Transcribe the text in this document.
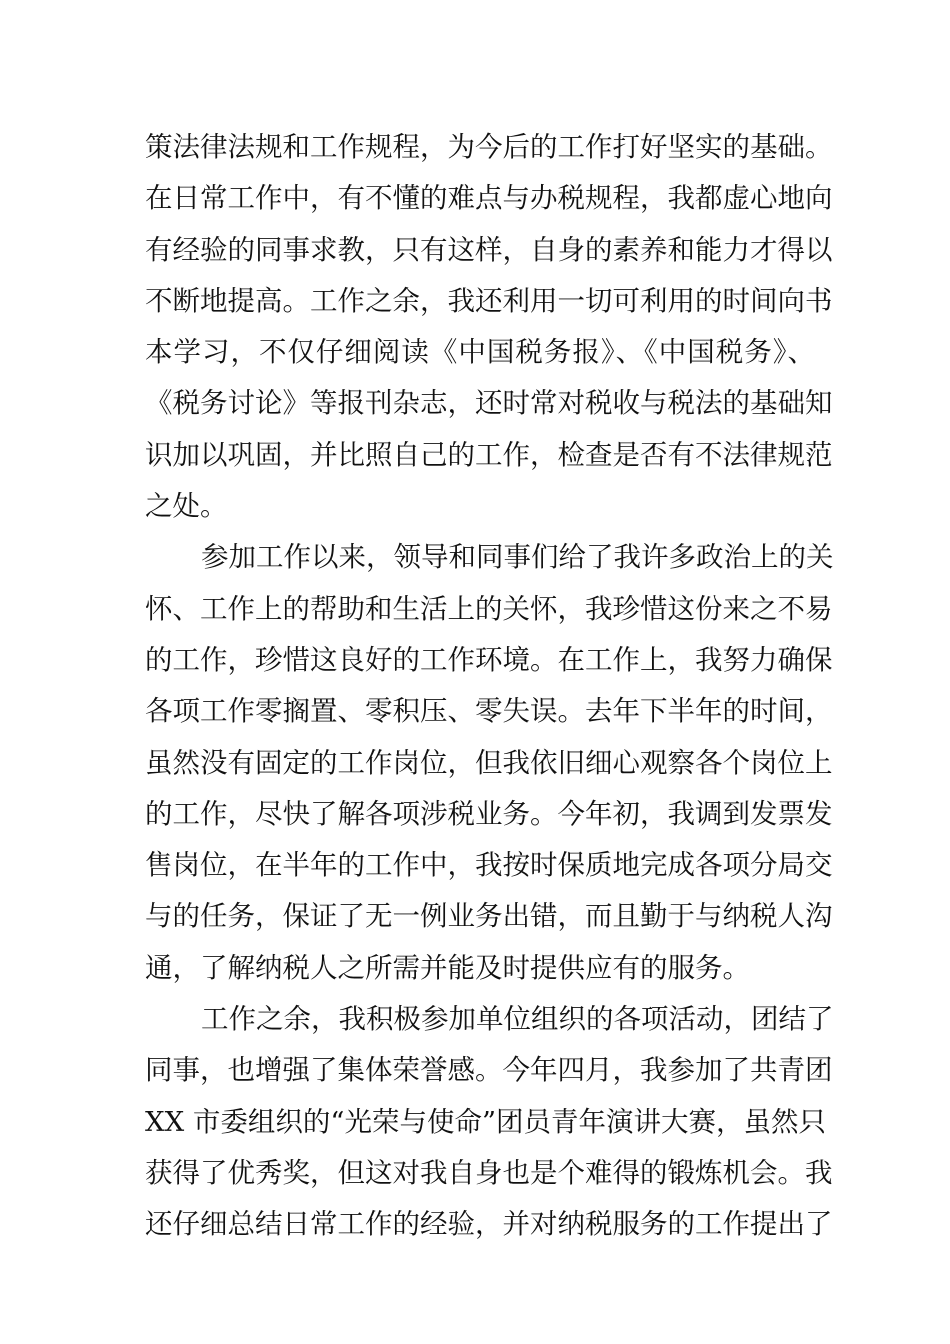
策法律法规和工作规程，为今后的工作打好坚实的基础。
在日常工作中，有不懂的难点与办税规程，我都虚心地向
有经验的同事求教，只有这样，自身的素养和能力才得以
不断地提高。工作之余，我还利用一切可利用的时间向书
本学习，不仅仔细阅读《中国税务报》、《中国税务》、
《税务讨论》等报刊杂志，还时常对税收与税法的基础知
识加以巩固，并比照自己的工作，检查是否有不法律规范
之处。
参加工作以来，领导和同事们给了我许多政治上的关
怀、工作上的帮助和生活上的关怀，我珍惜这份来之不易
的工作，珍惜这良好的工作环境。在工作上，我努力确保
各项工作零搁置、零积压、零失误。去年下半年的时间，
虽然没有固定的工作岗位，但我依旧细心观察各个岗位上
的工作，尽快了解各项涉税业务。今年初，我调到发票发
售岗位，在半年的工作中，我按时保质地完成各项分局交
与的任务，保证了无一例业务出错，而且勤于与纳税人沟
通，了解纳税人之所需并能及时提供应有的服务。
工作之余，我积极参加单位组织的各项活动，团结了
同事，也增强了集体荣誉感。今年四月，我参加了共青团
XX 市委组织的“光荣与使命”团员青年演讲大赛，虽然只
获得了优秀奖，但这对我自身也是个难得的锻炼机会。我
还仔细总结日常工作的经验，并对纳税服务的工作提出了
